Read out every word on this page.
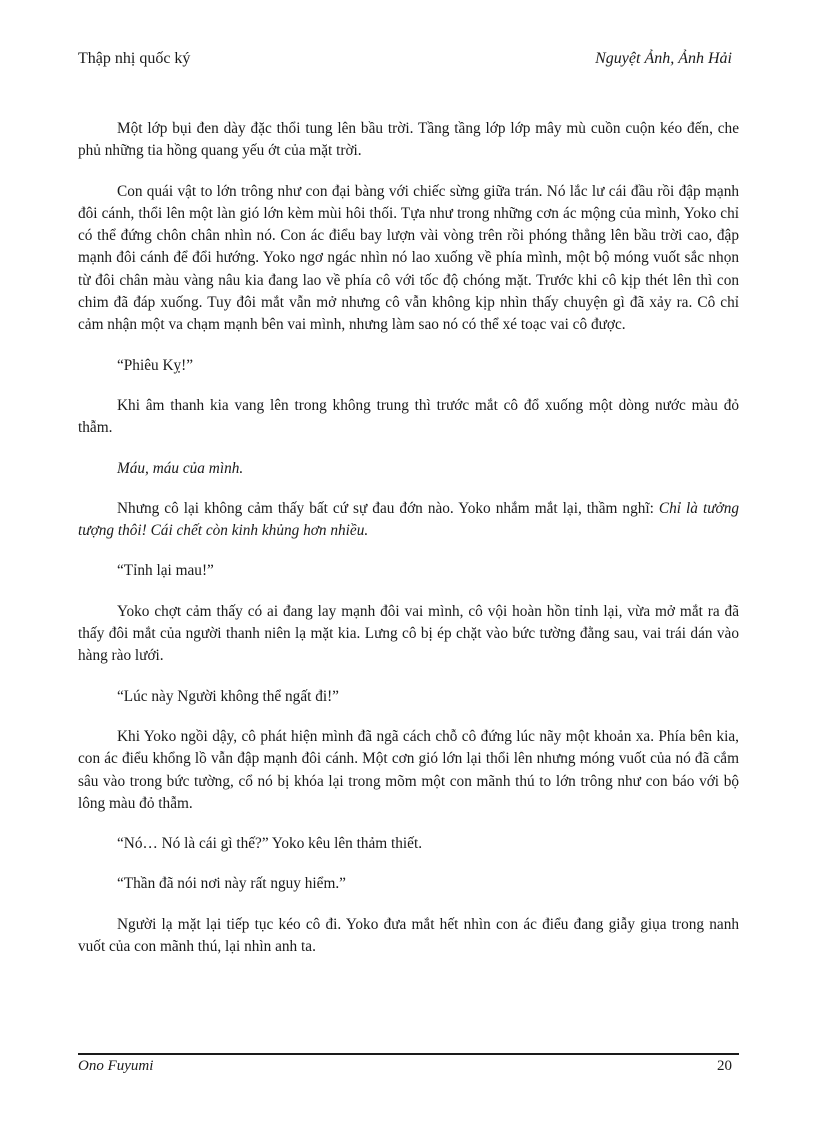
Thập nhị quốc ký	Nguyệt Ảnh, Ảnh Hải

Một lớp bụi đen dày đặc thổi tung lên bầu trời. Tầng tầng lớp lớp mây mù cuồn cuộn kéo đến, che phủ những tia hồng quang yếu ớt của mặt trời.

Con quái vật to lớn trông như con đại bàng với chiếc sừng giữa trán. Nó lắc lư cái đầu rồi đập mạnh đôi cánh, thổi lên một làn gió lớn kèm mùi hôi thối. Tựa như trong những cơn ác mộng của mình, Yoko chỉ có thể đứng chôn chân nhìn nó. Con ác điểu bay lượn vài vòng trên rồi phóng thẳng lên bầu trời cao, đập mạnh đôi cánh để đổi hướng. Yoko ngơ ngác nhìn nó lao xuống về phía mình, một bộ móng vuốt sắc nhọn từ đôi chân màu vàng nâu kia đang lao về phía cô với tốc độ chóng mặt. Trước khi cô kịp thét lên thì con chim đã đáp xuống. Tuy đôi mắt vẫn mở nhưng cô vẫn không kịp nhìn thấy chuyện gì đã xảy ra. Cô chỉ cảm nhận một va chạm mạnh bên vai mình, nhưng làm sao nó có thể xé toạc vai cô được.

“Phiêu Kỵ!”

Khi âm thanh kia vang lên trong không trung thì trước mắt cô đổ xuống một dòng nước màu đỏ thẫm.

Máu, máu của mình.

Nhưng cô lại không cảm thấy bất cứ sự đau đớn nào. Yoko nhắm mắt lại, thầm nghĩ: Chỉ là tưởng tượng thôi! Cái chết còn kinh khủng hơn nhiều.

“Tỉnh lại mau!”

Yoko chợt cảm thấy có ai đang lay mạnh đôi vai mình, cô vội hoàn hồn tỉnh lại, vừa mở mắt ra đã thấy đôi mắt của người thanh niên lạ mặt kia. Lưng cô bị ép chặt vào bức tường đằng sau, vai trái dán vào hàng rào lưới.

“Lúc này Người không thể ngất đi!”

Khi Yoko ngồi dậy, cô phát hiện mình đã ngã cách chỗ cô đứng lúc nãy một khoản xa. Phía bên kia, con ác điểu khổng lồ vẫn đập mạnh đôi cánh. Một cơn gió lớn lại thổi lên nhưng móng vuốt của nó đã cắm sâu vào trong bức tường, cổ nó bị khóa lại trong mõm một con mãnh thú to lớn trông như con báo với bộ lông màu đỏ thẫm.

“Nó… Nó là cái gì thế?” Yoko kêu lên thảm thiết.

“Thần đã nói nơi này rất nguy hiểm.”

Người lạ mặt lại tiếp tục kéo cô đi. Yoko đưa mắt hết nhìn con ác điểu đang giẫy giụa trong nanh vuốt của con mãnh thú, lại nhìn anh ta.

Ono Fuyumi	20
